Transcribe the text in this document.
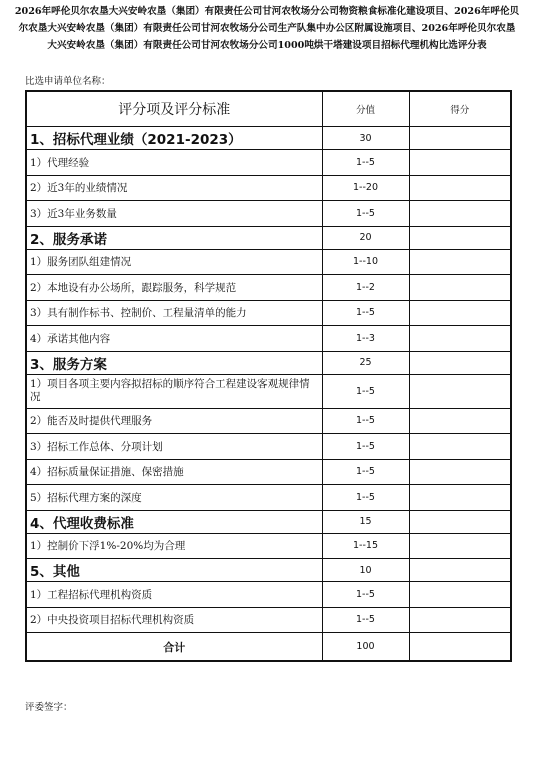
2026年呼伦贝尔农垦大兴安岭农垦（集团）有限责任公司甘河农牧场分公司物资粮食标准化建设项目、2026年呼伦贝尔农垦大兴安岭农垦（集团）有限责任公司甘河农牧场分公司生产队集中办公区附属设施项目、2026年呼伦贝尔农垦大兴安岭农垦（集团）有限责任公司甘河农牧场分公司1000吨烘干塔建设项目招标代理机构比选评分表
比选申请单位名称：
评分项及评分标准	分值	得分
1、招标代理业绩（2021-2023）	30	
1）代理经验	1--5	
2）近3年的业绩情况	1--20	
3）近3年业务数量	1--5	
2、服务承诺	20	
1）服务团队组建情况	1--10	
2）本地设有办公场所，跟踪服务，科学规范	1--2	
3）具有制作标书、控制价、工程量清单的能力	1--5	
4）承诺其他内容	1--3	
3、服务方案	25	
1）项目各项主要内容拟招标的顺序符合工程建设客观规律情况	1--5	
2）能否及时提供代理服务	1--5	
3）招标工作总体、分项计划	1--5	
4）招标质量保证措施、保密措施	1--5	
5）招标代理方案的深度	1--5	
4、代理收费标准	15	
1）控制价下浮1%-20%均为合理	1--15	
5、其他	10	
1）工程招标代理机构资质	1--5	
2）中央投资项目招标代理机构资质	1--5	
合计	100	
评委签字：
